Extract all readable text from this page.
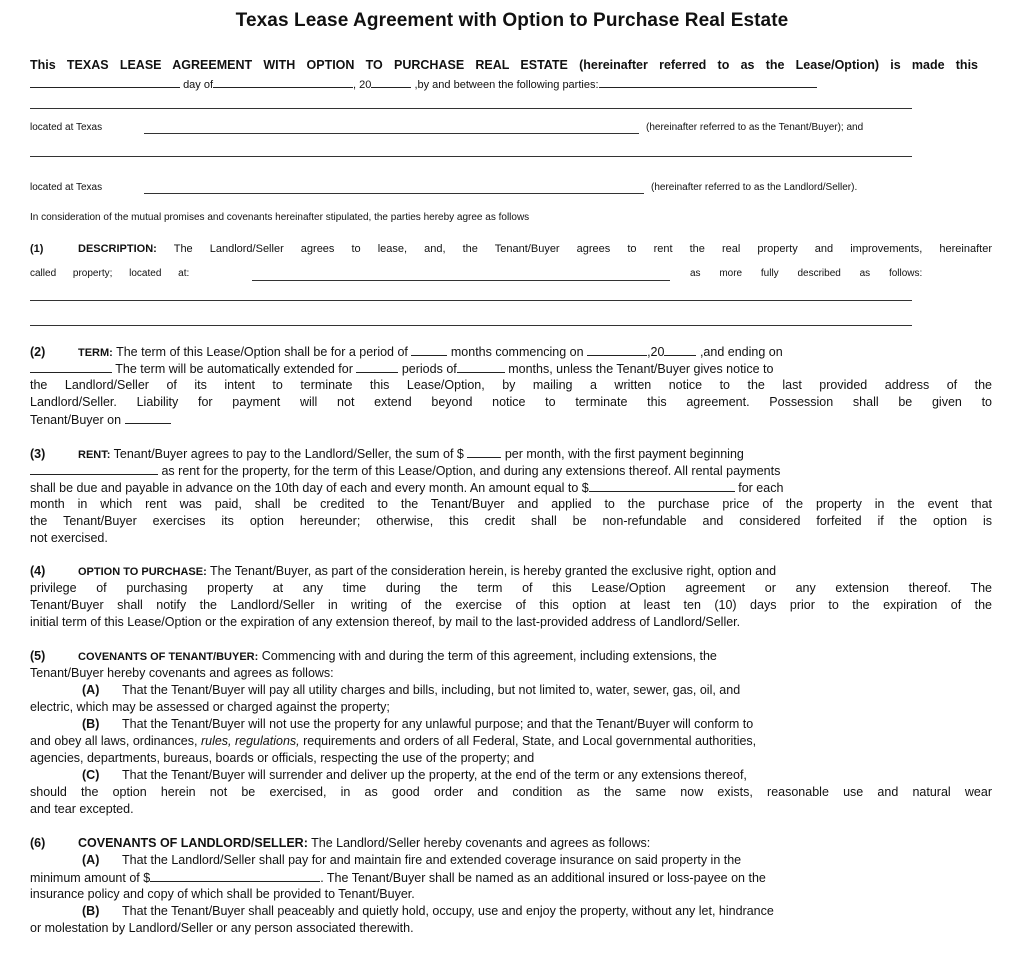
Texas Lease Agreement with Option to Purchase Real Estate
This TEXAS LEASE AGREEMENT WITH OPTION TO PURCHASE REAL ESTATE (hereinafter referred to as the Lease/Option) is made this
day of	, 20	,by and between the following parties:
located at Texas	(hereinafter referred to as the Tenant/Buyer); and
located at Texas	(hereinafter referred to as the Landlord/Seller).
In consideration of the mutual promises and covenants hereinafter stipulated, the parties hereby agree as follows
(1)	DESCRIPTION: The Landlord/Seller agrees to lease, and, the Tenant/Buyer agrees to rent the real property and improvements, hereinafter
called property; located at:	as more fully described as follows:
(2)	TERM: The term of this Lease/Option shall be for a period of	months commencing on	,20	,and ending on
The term will be automatically extended for	periods of	months, unless the Tenant/Buyer gives notice to
the Landlord/Seller of its intent to terminate this Lease/Option, by mailing a written notice to the last provided address of the
Landlord/Seller. Liability for payment will not extend beyond notice to terminate this agreement. Possession shall be given to
Tenant/Buyer on
(3)	RENT: Tenant/Buyer agrees to pay to the Landlord/Seller, the sum of $	per month, with the first payment beginning
as rent for the property, for the term of this Lease/Option, and during any extensions thereof. All rental payments
shall be due and payable in advance on the 10th day of each and every month. An amount equal to $	for each
month in which rent was paid, shall be credited to the Tenant/Buyer and applied to the purchase price of the property in the event that
the Tenant/Buyer exercises its option hereunder; otherwise, this credit shall be non-refundable and considered forfeited if the option is
not exercised.
(4)	OPTION TO PURCHASE: The Tenant/Buyer, as part of the consideration herein, is hereby granted the exclusive right, option and
privilege of purchasing property at any time during the term of this Lease/Option agreement or any extension thereof. The
Tenant/Buyer shall notify the Landlord/Seller in writing of the exercise of this option at least ten (10) days prior to the expiration of the
initial term of this Lease/Option or the expiration of any extension thereof, by mail to the last-provided address of Landlord/Seller.
(5)	COVENANTS OF TENANT/BUYER: Commencing with and during the term of this agreement, including extensions, the
Tenant/Buyer hereby covenants and agrees as follows:
(A) That the Tenant/Buyer will pay all utility charges and bills, including, but not limited to, water, sewer, gas, oil, and
electric, which may be assessed or charged against the property;
(B) That the Tenant/Buyer will not use the property for any unlawful purpose; and that the Tenant/Buyer will conform to
and obey all laws, ordinances, rules, regulations, requirements and orders of all Federal, State, and Local governmental authorities,
agencies, departments, bureaus, boards or officials, respecting the use of the property; and
(C) That the Tenant/Buyer will surrender and deliver up the property, at the end of the term or any extensions thereof,
should the option herein not be exercised, in as good order and condition as the same now exists, reasonable use and natural wear
and tear excepted.
(6)	COVENANTS OF LANDLORD/SELLER: The Landlord/Seller hereby covenants and agrees as follows:
(A) That the Landlord/Seller shall pay for and maintain fire and extended coverage insurance on said property in the
minimum amount of $	. The Tenant/Buyer shall be named as an additional insured or loss-payee on the
insurance policy and copy of which shall be provided to Tenant/Buyer.
(B) That the Tenant/Buyer shall peaceably and quietly hold, occupy, use and enjoy the property, without any let, hindrance
or molestation by Landlord/Seller or any person associated therewith.
